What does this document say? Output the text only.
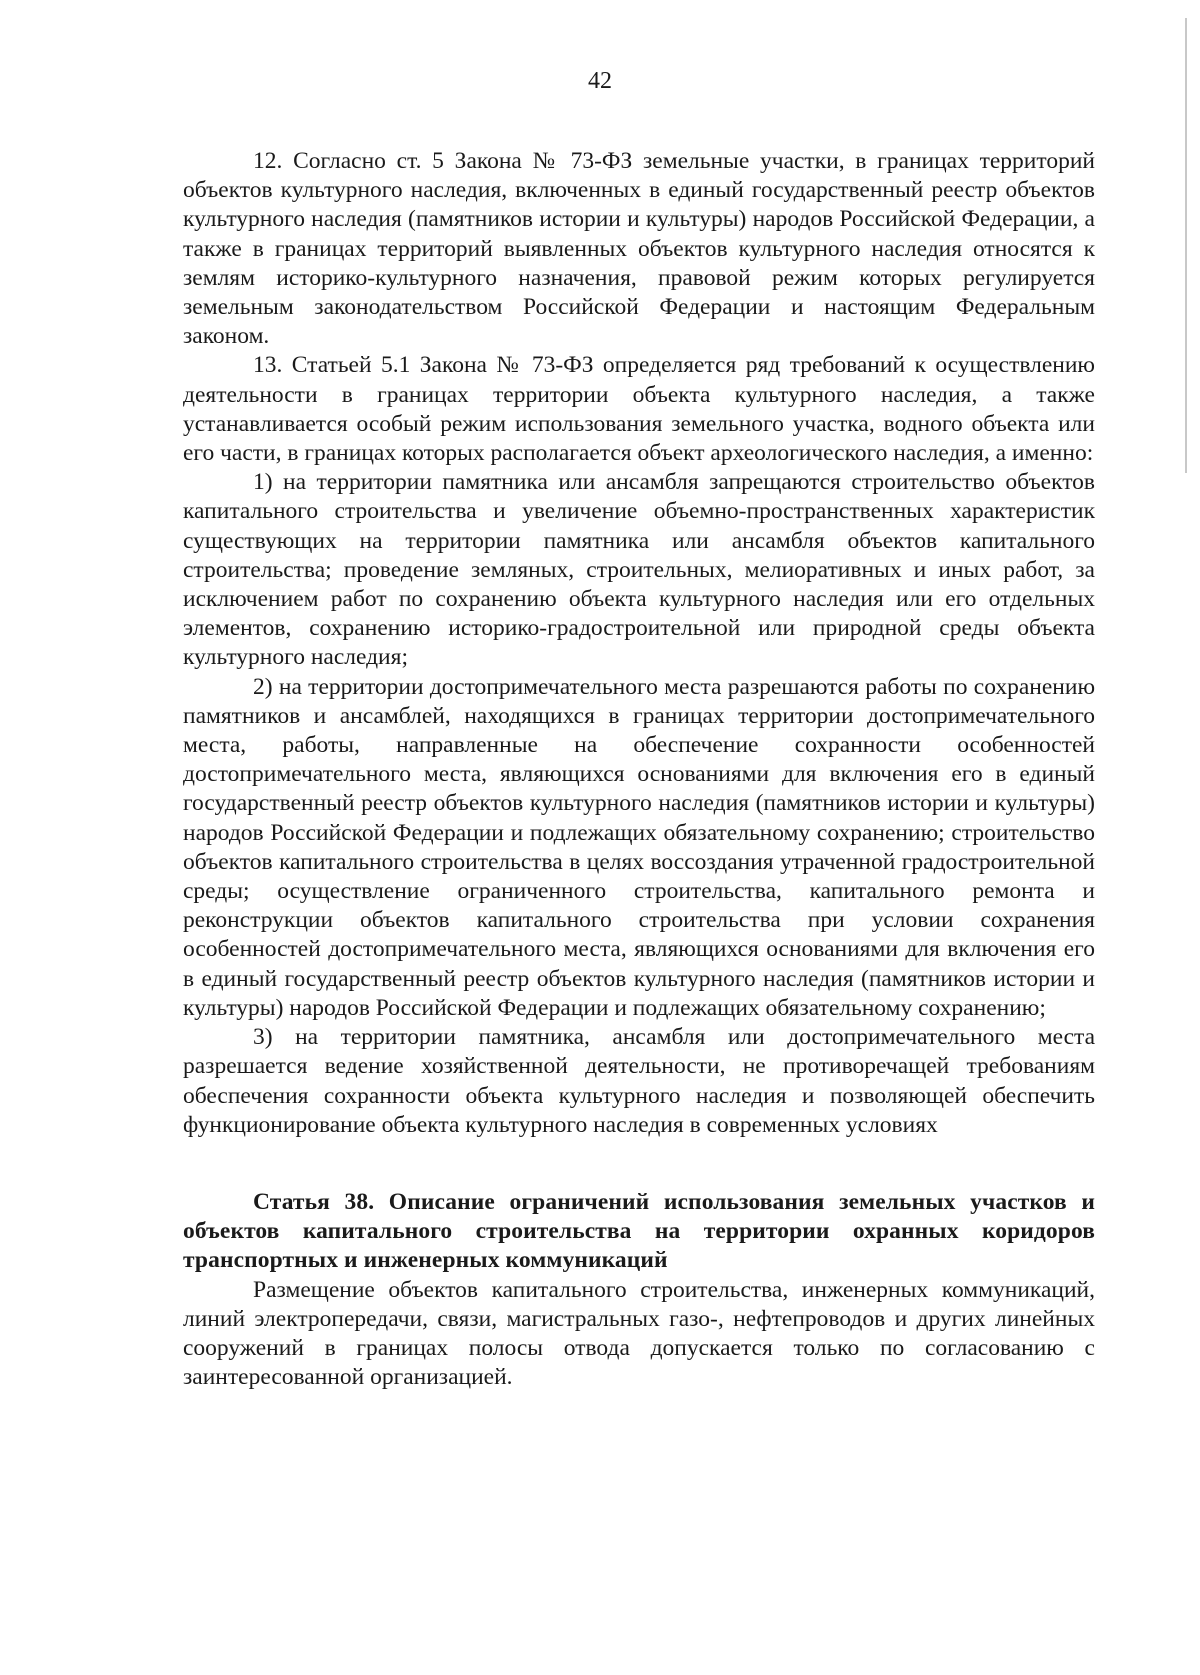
42

12. Согласно ст. 5 Закона № 73-ФЗ земельные участки, в границах территорий объектов культурного наследия, включенных в единый государственный реестр объектов культурного наследия (памятников истории и культуры) народов Российской Федерации, а также в границах территорий выявленных объектов культурного наследия относятся к землям историко-культурного назначения, правовой режим которых регулируется земельным законодательством Российской Федерации и настоящим Федеральным законом.

13. Статьей 5.1 Закона № 73-ФЗ определяется ряд требований к осуществлению деятельности в границах территории объекта культурного наследия, а также устанавливается особый режим использования земельного участка, водного объекта или его части, в границах которых располагается объект археологического наследия, а именно:

1) на территории памятника или ансамбля запрещаются строительство объектов капитального строительства и увеличение объемно-пространственных характеристик существующих на территории памятника или ансамбля объектов капитального строительства; проведение земляных, строительных, мелиоративных и иных работ, за исключением работ по сохранению объекта культурного наследия или его отдельных элементов, сохранению историко-градостроительной или природной среды объекта культурного наследия;

2) на территории достопримечательного места разрешаются работы по сохранению памятников и ансамблей, находящихся в границах территории достопримечательного места, работы, направленные на обеспечение сохранности особенностей достопримечательного места, являющихся основаниями для включения его в единый государственный реестр объектов культурного наследия (памятников истории и культуры) народов Российской Федерации и подлежащих обязательному сохранению; строительство объектов капитального строительства в целях воссоздания утраченной градостроительной среды; осуществление ограниченного строительства, капитального ремонта и реконструкции объектов капитального строительства при условии сохранения особенностей достопримечательного места, являющихся основаниями для включения его в единый государственный реестр объектов культурного наследия (памятников истории и культуры) народов Российской Федерации и подлежащих обязательному сохранению;

3) на территории памятника, ансамбля или достопримечательного места разрешается ведение хозяйственной деятельности, не противоречащей требованиям обеспечения сохранности объекта культурного наследия и позволяющей обеспечить функционирование объекта культурного наследия в современных условиях

Статья 38. Описание ограничений использования земельных участков и объектов капитального строительства на территории охранных коридоров транспортных и инженерных коммуникаций

Размещение объектов капитального строительства, инженерных коммуникаций, линий электропередачи, связи, магистральных газо-, нефтепроводов и других линейных сооружений в границах полосы отвода допускается только по согласованию с заинтересованной организацией.
